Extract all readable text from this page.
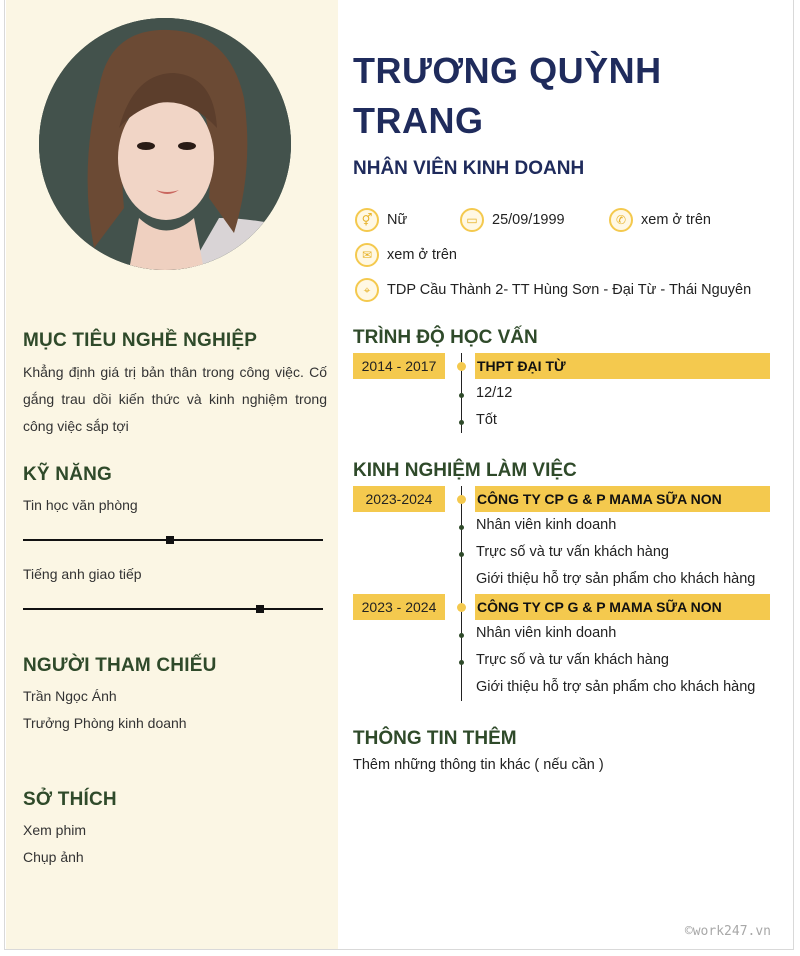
MỤC TIÊU NGHỀ NGHIỆP
Khẳng định giá trị bản thân trong công việc. Cố gắng trau dồi kiến thức và kinh nghiệm trong công việc sắp tợi
KỸ NĂNG
Tin học văn phòng
Tiếng anh giao tiếp
NGƯỜI THAM CHIẾU
Trần Ngọc Ánh
Trưởng Phòng kinh doanh
SỞ THÍCH
Xem phim
Chụp ảnh
TRƯƠNG QUỲNH TRANG
NHÂN VIÊN KINH DOANH
⚥	Nữ	▭ 25/09/1999	✆	xem ở trên
✉	xem ở trên
⌖	TDP Cầu Thành 2- TT Hùng Sơn - Đại Từ - Thái Nguyên
TRÌNH ĐỘ HỌC VẤN
2014 - 2017	THPT ĐẠI TỪ
12/12
Tốt
KINH NGHIỆM LÀM VIỆC
2023-2024	CÔNG TY CP G & P MAMA SỮA NON
Nhân viên kinh doanh
Trực số và tư vấn khách hàng
Giới thiệu hỗ trợ sản phẩm cho khách hàng
2023 - 2024	CÔNG TY CP G & P MAMA SỮA NON
Nhân viên kinh doanh
Trực số và tư vấn khách hàng
Giới thiệu hỗ trợ sản phẩm cho khách hàng
THÔNG TIN THÊM
Thêm những thông tin khác ( nếu cần )
©work247.vn
